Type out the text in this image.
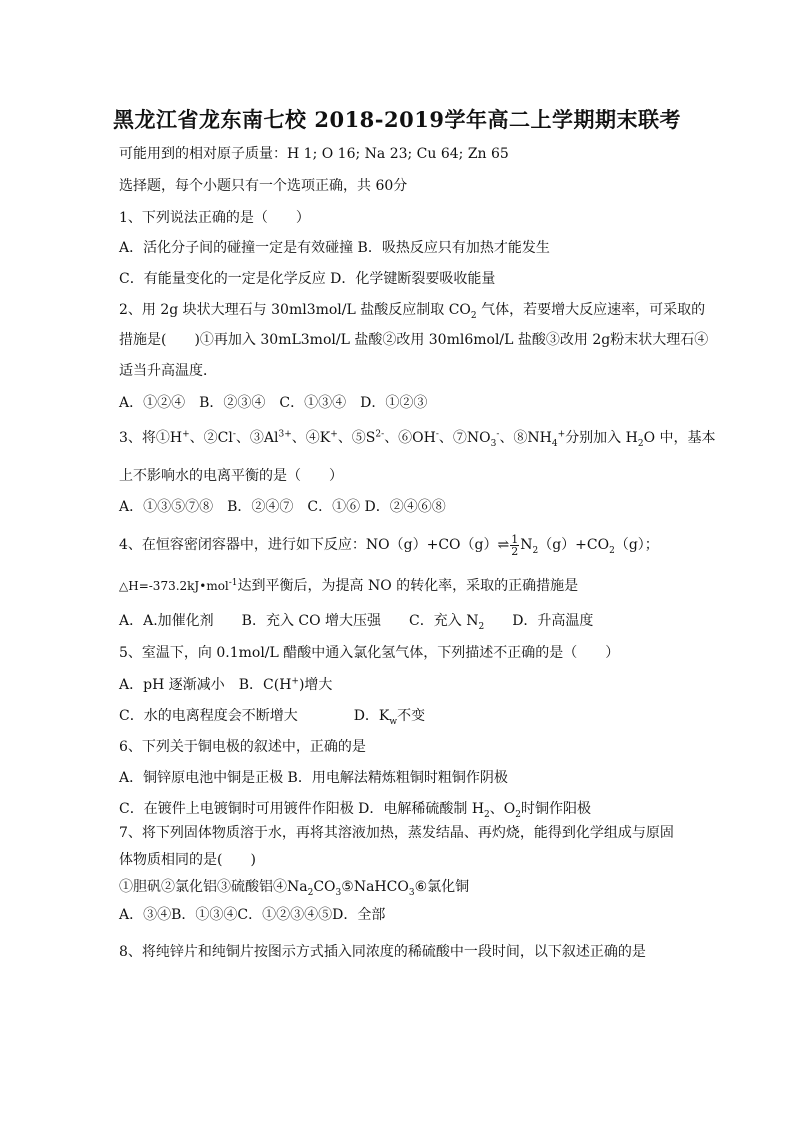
黑龙江省龙东南七校 2018-2019学年高二上学期期末联考
可能用到的相对原子质量：H 1; O 16; Na 23; Cu 64; Zn 65
选择题，每个小题只有一个选项正确，共 60分
1、下列说法正确的是（　　）
A．活化分子间的碰撞一定是有效碰撞 B．吸热反应只有加热才能发生
C．有能量变化的一定是化学反应 D．化学键断裂要吸收能量
2、用 2g 块状大理石与 30ml3mol/L 盐酸反应制取 $CO_2$ 气体，若要增大反应速率，可采取的
措施是(　　)①再加入 30mL3mol/L 盐酸②改用 30ml6mol/L 盐酸③改用 2g粉末状大理石④
适当升高温度．
A．①②④　B．②③④　C．①③④　D．①②③
3、将①H+、②Cl-、$③Al^{3+}$、④K+、$⑤S^{2-}$、⑥OH-、$⑦NO_3^-$、$⑧NH_4^+$分别加入 $H_2O$ 中，基本
上不影响水的电离平衡的是（　　）
A．①③⑤⑦⑧　B．②④⑦　C．①⑥ D．②④⑥⑧
4、在恒容密闭容器中，进行如下反应：NO（g）+CO（g）⇌ $\frac{1}{2} N_2(g)+CO_2(g)$；
△H=-373.2kJ•mol$^{-1}$达到平衡后，为提高 NO 的转化率，采取的正确措施是
A．A.加催化剂　　B．充入 CO 增大压强　　C．充入 $N_2$　　D．升高温度
5、室温下，向 0.1mol/L 醋酸中通入氯化氢气体，下列描述不正确的是（　　）
A．pH 逐渐减小　B．C(H+)增大
C．水的电离程度会不断增大　　　　D．$K_w$不变
6、下列关于铜电极的叙述中，正确的是
A．铜锌原电池中铜是正极 B．用电解法精炼粗铜时粗铜作阴极
C．在镀件上电镀铜时可用镀件作阳极 D．电解稀硫酸制 $H_2$、$O_2$时铜作阳极
7、将下列固体物质溶于水，再将其溶液加热，蒸发结晶、再灼烧，能得到化学组成与原固
体物质相同的是(　　)
①胆矾②氯化铝③硫酸铝$④Na_2CO_3⑤NaHCO_3⑥$氯化铜
A．③④B．①③④C．①②③④⑤D．全部
8、将纯锌片和纯铜片按图示方式插入同浓度的稀硫酸中一段时间，以下叙述正确的是
